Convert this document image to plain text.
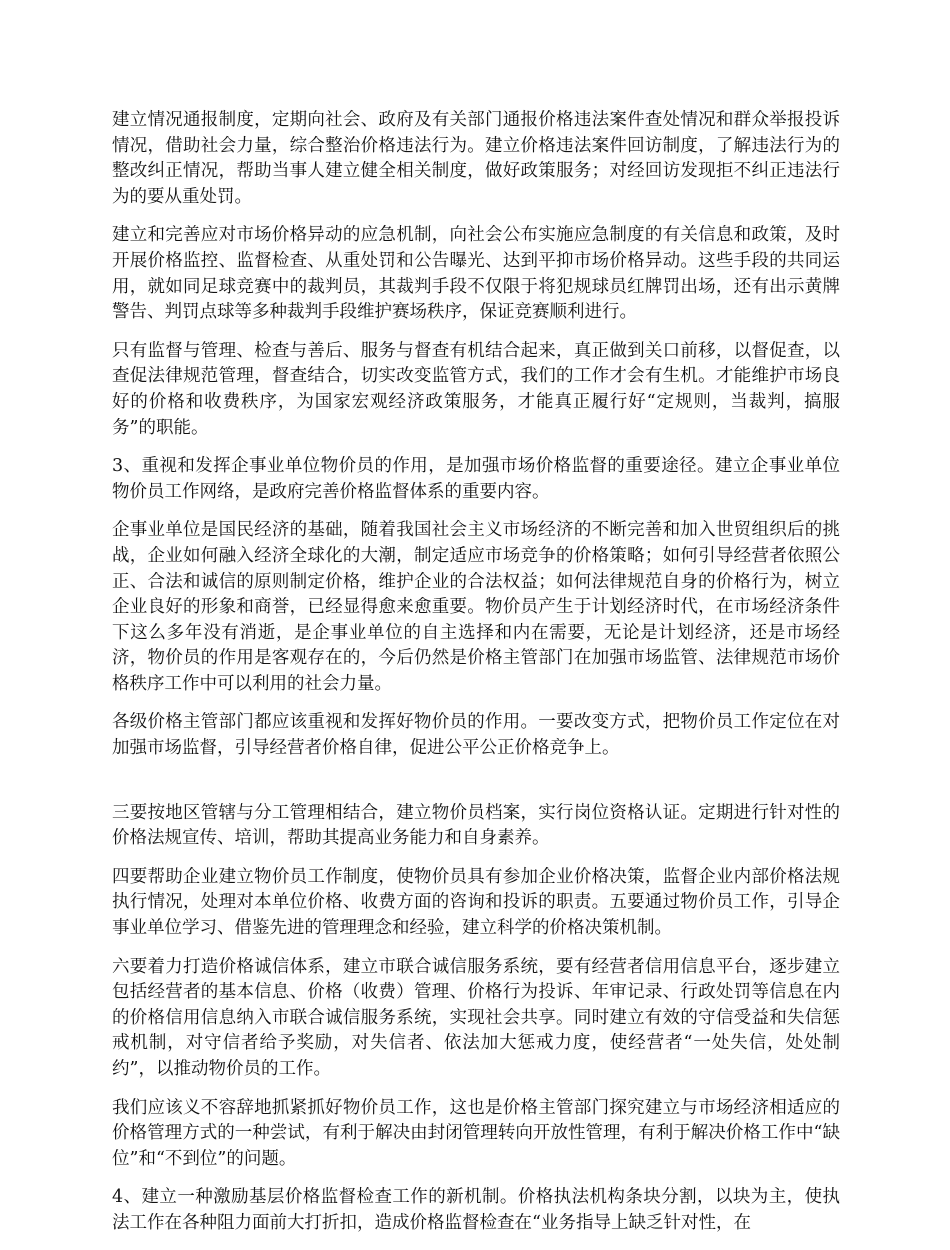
建立情况通报制度，定期向社会、政府及有关部门通报价格违法案件查处情况和群众举报投诉情况，借助社会力量，综合整治价格违法行为。建立价格违法案件回访制度，了解违法行为的整改纠正情况，帮助当事人建立健全相关制度，做好政策服务；对经回访发现拒不纠正违法行为的要从重处罚。

建立和完善应对市场价格异动的应急机制，向社会公布实施应急制度的有关信息和政策，及时开展价格监控、监督检查、从重处罚和公告曝光、达到平抑市场价格异动。这些手段的共同运用，就如同足球竞赛中的裁判员，其裁判手段不仅限于将犯规球员红牌罚出场，还有出示黄牌警告、判罚点球等多种裁判手段维护赛场秩序，保证竞赛顺利进行。

只有监督与管理、检查与善后、服务与督查有机结合起来，真正做到关口前移，以督促查，以查促法律规范管理，督查结合，切实改变监管方式，我们的工作才会有生机。才能维护市场良好的价格和收费秩序，为国家宏观经济政策服务，才能真正履行好“定规则，当裁判，搞服务”的职能。

3、重视和发挥企事业单位物价员的作用，是加强市场价格监督的重要途径。建立企事业单位物价员工作网络，是政府完善价格监督体系的重要内容。

企事业单位是国民经济的基础，随着我国社会主义市场经济的不断完善和加入世贸组织后的挑战，企业如何融入经济全球化的大潮，制定适应市场竞争的价格策略；如何引导经营者依照公正、合法和诚信的原则制定价格，维护企业的合法权益；如何法律规范自身的价格行为，树立企业良好的形象和商誉，已经显得愈来愈重要。物价员产生于计划经济时代，在市场经济条件下这么多年没有消逝，是企事业单位的自主选择和内在需要，无论是计划经济，还是市场经济，物价员的作用是客观存在的，今后仍然是价格主管部门在加强市场监管、法律规范市场价格秩序工作中可以利用的社会力量。

各级价格主管部门都应该重视和发挥好物价员的作用。一要改变方式，把物价员工作定位在对加强市场监督，引导经营者价格自律，促进公平公正价格竞争上。

三要按地区管辖与分工管理相结合，建立物价员档案，实行岗位资格认证。定期进行针对性的价格法规宣传、培训，帮助其提高业务能力和自身素养。

四要帮助企业建立物价员工作制度，使物价员具有参加企业价格决策，监督企业内部价格法规执行情况，处理对本单位价格、收费方面的咨询和投诉的职责。五要通过物价员工作，引导企事业单位学习、借鉴先进的管理理念和经验，建立科学的价格决策机制。

六要着力打造价格诚信体系，建立市联合诚信服务系统，要有经营者信用信息平台，逐步建立包括经营者的基本信息、价格（收费）管理、价格行为投诉、年审记录、行政处罚等信息在内的价格信用信息纳入市联合诚信服务系统，实现社会共享。同时建立有效的守信受益和失信惩戒机制，对守信者给予奖励，对失信者、依法加大惩戒力度，使经营者“一处失信，处处制约”，以推动物价员的工作。

我们应该义不容辞地抓紧抓好物价员工作，这也是价格主管部门探究建立与市场经济相适应的价格管理方式的一种尝试，有利于解决由封闭管理转向开放性管理，有利于解决价格工作中“缺位”和“不到位”的问题。

4、建立一种激励基层价格监督检查工作的新机制。价格执法机构条块分割，以块为主，使执法工作在各种阻力面前大打折扣，造成价格监督检查在“业务指导上缺乏针对性，在
